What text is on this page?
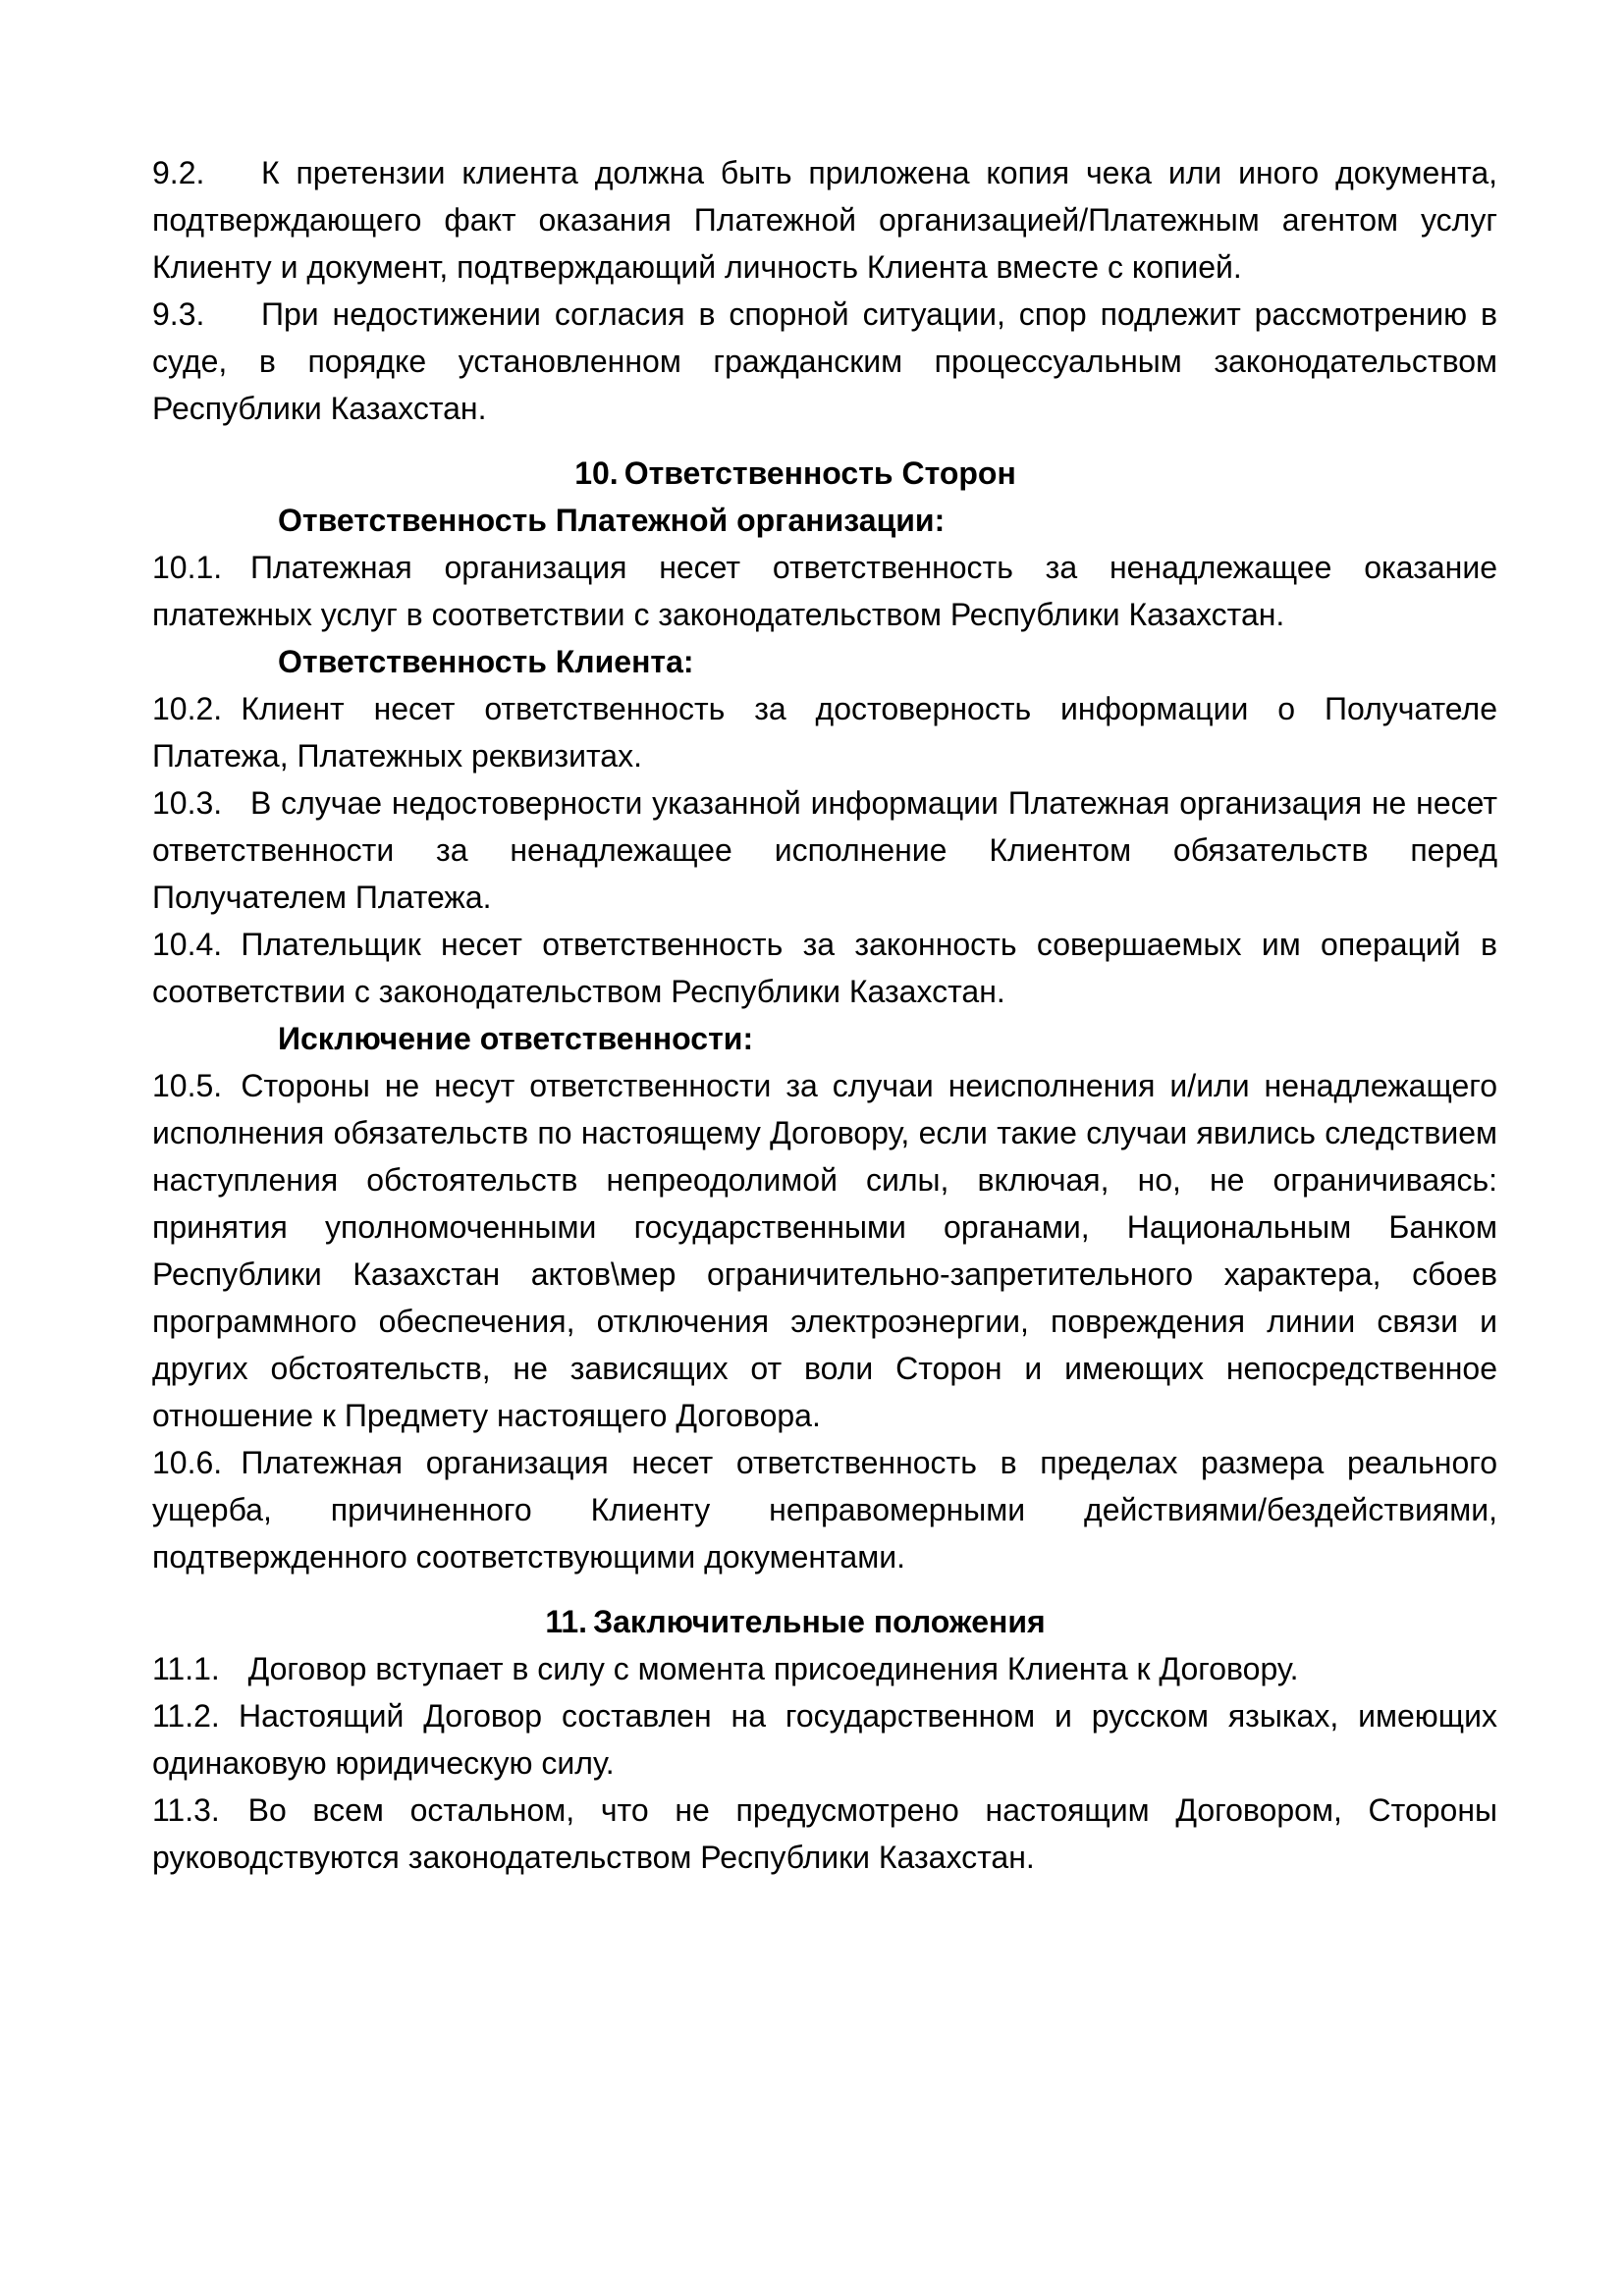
9.2. К претензии клиента должна быть приложена копия чека или иного документа, подтверждающего факт оказания Платежной организацией/Платежным агентом услуг Клиенту и документ, подтверждающий личность Клиента вместе с копией.

9.3. При недостижении согласия в спорной ситуации, спор подлежит рассмотрению в суде, в порядке установленном гражданским процессуальным законодательством Республики Казахстан.

10. Ответственность Сторон

Ответственность Платежной организации:

10.1. Платежная организация несет ответственность за ненадлежащее оказание платежных услуг в соответствии с законодательством Республики Казахстан.

Ответственность Клиента:

10.2. Клиент несет ответственность за достоверность информации о Получателе Платежа, Платежных реквизитах.

10.3. В случае недостоверности указанной информации Платежная организация не несет ответственности за ненадлежащее исполнение Клиентом обязательств перед Получателем Платежа.

10.4. Плательщик несет ответственность за законность совершаемых им операций в соответствии с законодательством Республики Казахстан.

Исключение ответственности:

10.5. Стороны не несут ответственности за случаи неисполнения и/или ненадлежащего исполнения обязательств по настоящему Договору, если такие случаи явились следствием наступления обстоятельств непреодолимой силы, включая, но, не ограничиваясь: принятия уполномоченными государственными органами, Национальным Банком Республики Казахстан актов\мер ограничительно-запретительного характера, сбоев программного обеспечения, отключения электроэнергии, повреждения линии связи и других обстоятельств, не зависящих от воли Сторон и имеющих непосредственное отношение к Предмету настоящего Договора.

10.6. Платежная организация несет ответственность в пределах размера реального ущерба, причиненного Клиенту неправомерными действиями/бездействиями, подтвержденного соответствующими документами.

11. Заключительные положения

11.1. Договор вступает в силу с момента присоединения Клиента к Договору.

11.2. Настоящий Договор составлен на государственном и русском языках, имеющих одинаковую юридическую силу.

11.3. Во всем остальном, что не предусмотрено настоящим Договором, Стороны руководствуются законодательством Республики Казахстан.
